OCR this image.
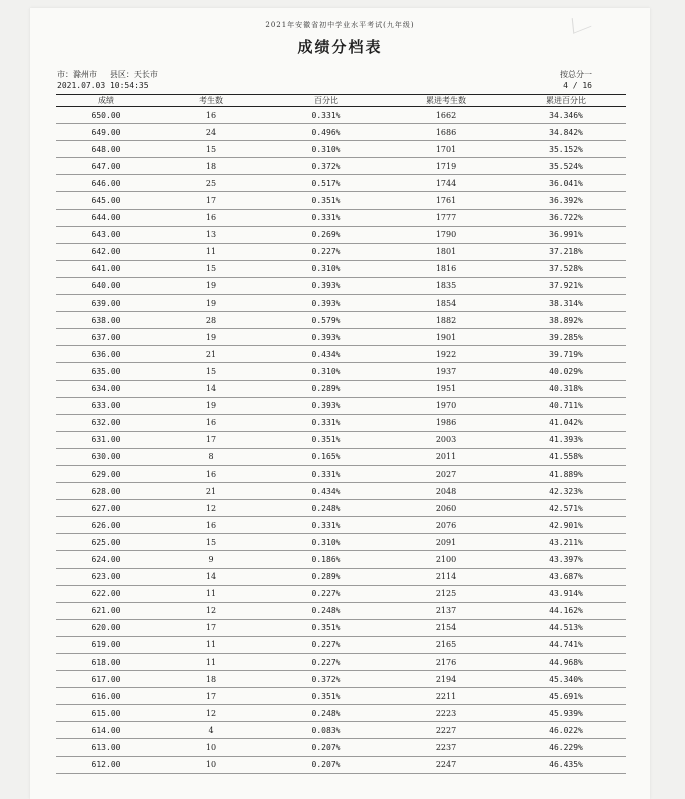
2021年安徽省初中学业水平考试(九年级)
成绩分档表
市：滁州市 县区：天长市	按总分一
2021.07.03 10:54:35	4 / 16
成绩	考生数	百分比	累进考生数	累进百分比
650.00	16	0.331%	1662	34.346%
649.00	24	0.496%	1686	34.842%
648.00	15	0.310%	1701	35.152%
647.00	18	0.372%	1719	35.524%
646.00	25	0.517%	1744	36.041%
645.00	17	0.351%	1761	36.392%
644.00	16	0.331%	1777	36.722%
643.00	13	0.269%	1790	36.991%
642.00	11	0.227%	1801	37.218%
641.00	15	0.310%	1816	37.528%
640.00	19	0.393%	1835	37.921%
639.00	19	0.393%	1854	38.314%
638.00	28	0.579%	1882	38.892%
637.00	19	0.393%	1901	39.285%
636.00	21	0.434%	1922	39.719%
635.00	15	0.310%	1937	40.029%
634.00	14	0.289%	1951	40.318%
633.00	19	0.393%	1970	40.711%
632.00	16	0.331%	1986	41.042%
631.00	17	0.351%	2003	41.393%
630.00	8	0.165%	2011	41.558%
629.00	16	0.331%	2027	41.889%
628.00	21	0.434%	2048	42.323%
627.00	12	0.248%	2060	42.571%
626.00	16	0.331%	2076	42.901%
625.00	15	0.310%	2091	43.211%
624.00	9	0.186%	2100	43.397%
623.00	14	0.289%	2114	43.687%
622.00	11	0.227%	2125	43.914%
621.00	12	0.248%	2137	44.162%
620.00	17	0.351%	2154	44.513%
619.00	11	0.227%	2165	44.741%
618.00	11	0.227%	2176	44.968%
617.00	18	0.372%	2194	45.340%
616.00	17	0.351%	2211	45.691%
615.00	12	0.248%	2223	45.939%
614.00	4	0.083%	2227	46.022%
613.00	10	0.207%	2237	46.229%
612.00	10	0.207%	2247	46.435%
